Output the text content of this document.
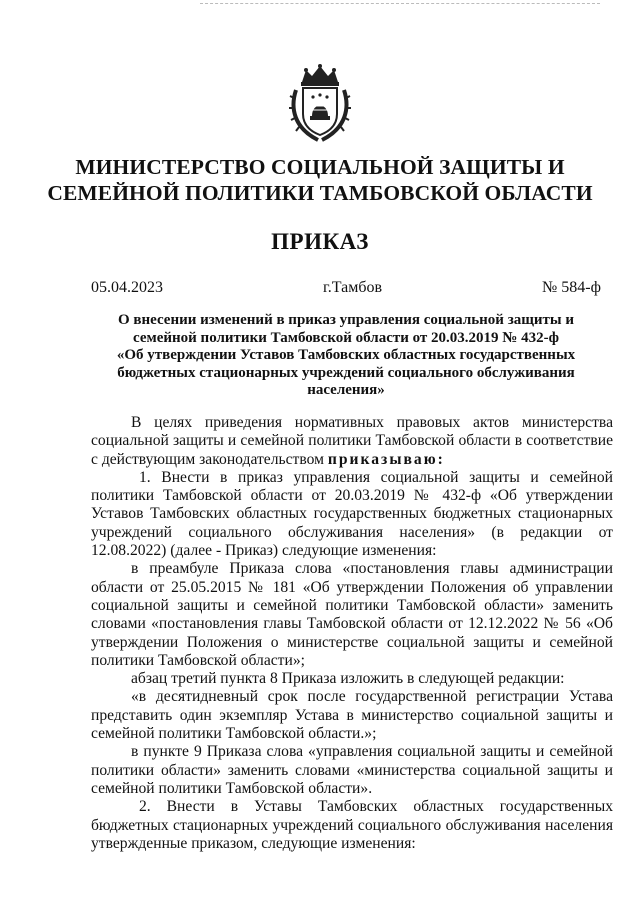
МИНИСТЕРСТВО СОЦИАЛЬНОЙ ЗАЩИТЫ И
СЕМЕЙНОЙ ПОЛИТИКИ ТАМБОВСКОЙ ОБЛАСТИ
ПРИКАЗ
05.04.2023	г.Тамбов	№ 584-ф
О внесении изменений в приказ управления социальной защиты и
семейной политики Тамбовской области от 20.03.2019 № 432-ф
«Об утверждении Уставов Тамбовских областных государственных
бюджетных стационарных учреждений социального обслуживания
населения»

В целях приведения нормативных правовых актов министерства социальной защиты и семейной политики Тамбовской области в соответствие с действующим законодательством приказываю:

1. Внести в приказ управления социальной защиты и семейной политики Тамбовской области от 20.03.2019 № 432-ф «Об утверждении Уставов Тамбовских областных государственных бюджетных стационарных учреждений социального обслуживания населения» (в редакции от 12.08.2022) (далее - Приказ) следующие изменения:

в преамбуле Приказа слова «постановления главы администрации области от 25.05.2015 № 181 «Об утверждении Положения об управлении социальной защиты и семейной политики Тамбовской области» заменить словами «постановления главы Тамбовской области от 12.12.2022 № 56 «Об утверждении Положения о министерстве социальной защиты и семейной политики Тамбовской области»;

абзац третий пункта 8 Приказа изложить в следующей редакции:

«в десятидневный срок после государственной регистрации Устава представить один экземпляр Устава в министерство социальной защиты и семейной политики Тамбовской области.»;

в пункте 9 Приказа слова «управления социальной защиты и семейной политики области» заменить словами «министерства социальной защиты и семейной политики Тамбовской области».

2. Внести в Уставы Тамбовских областных государственных бюджетных стационарных учреждений социального обслуживания населения утвержденные приказом, следующие изменения:
